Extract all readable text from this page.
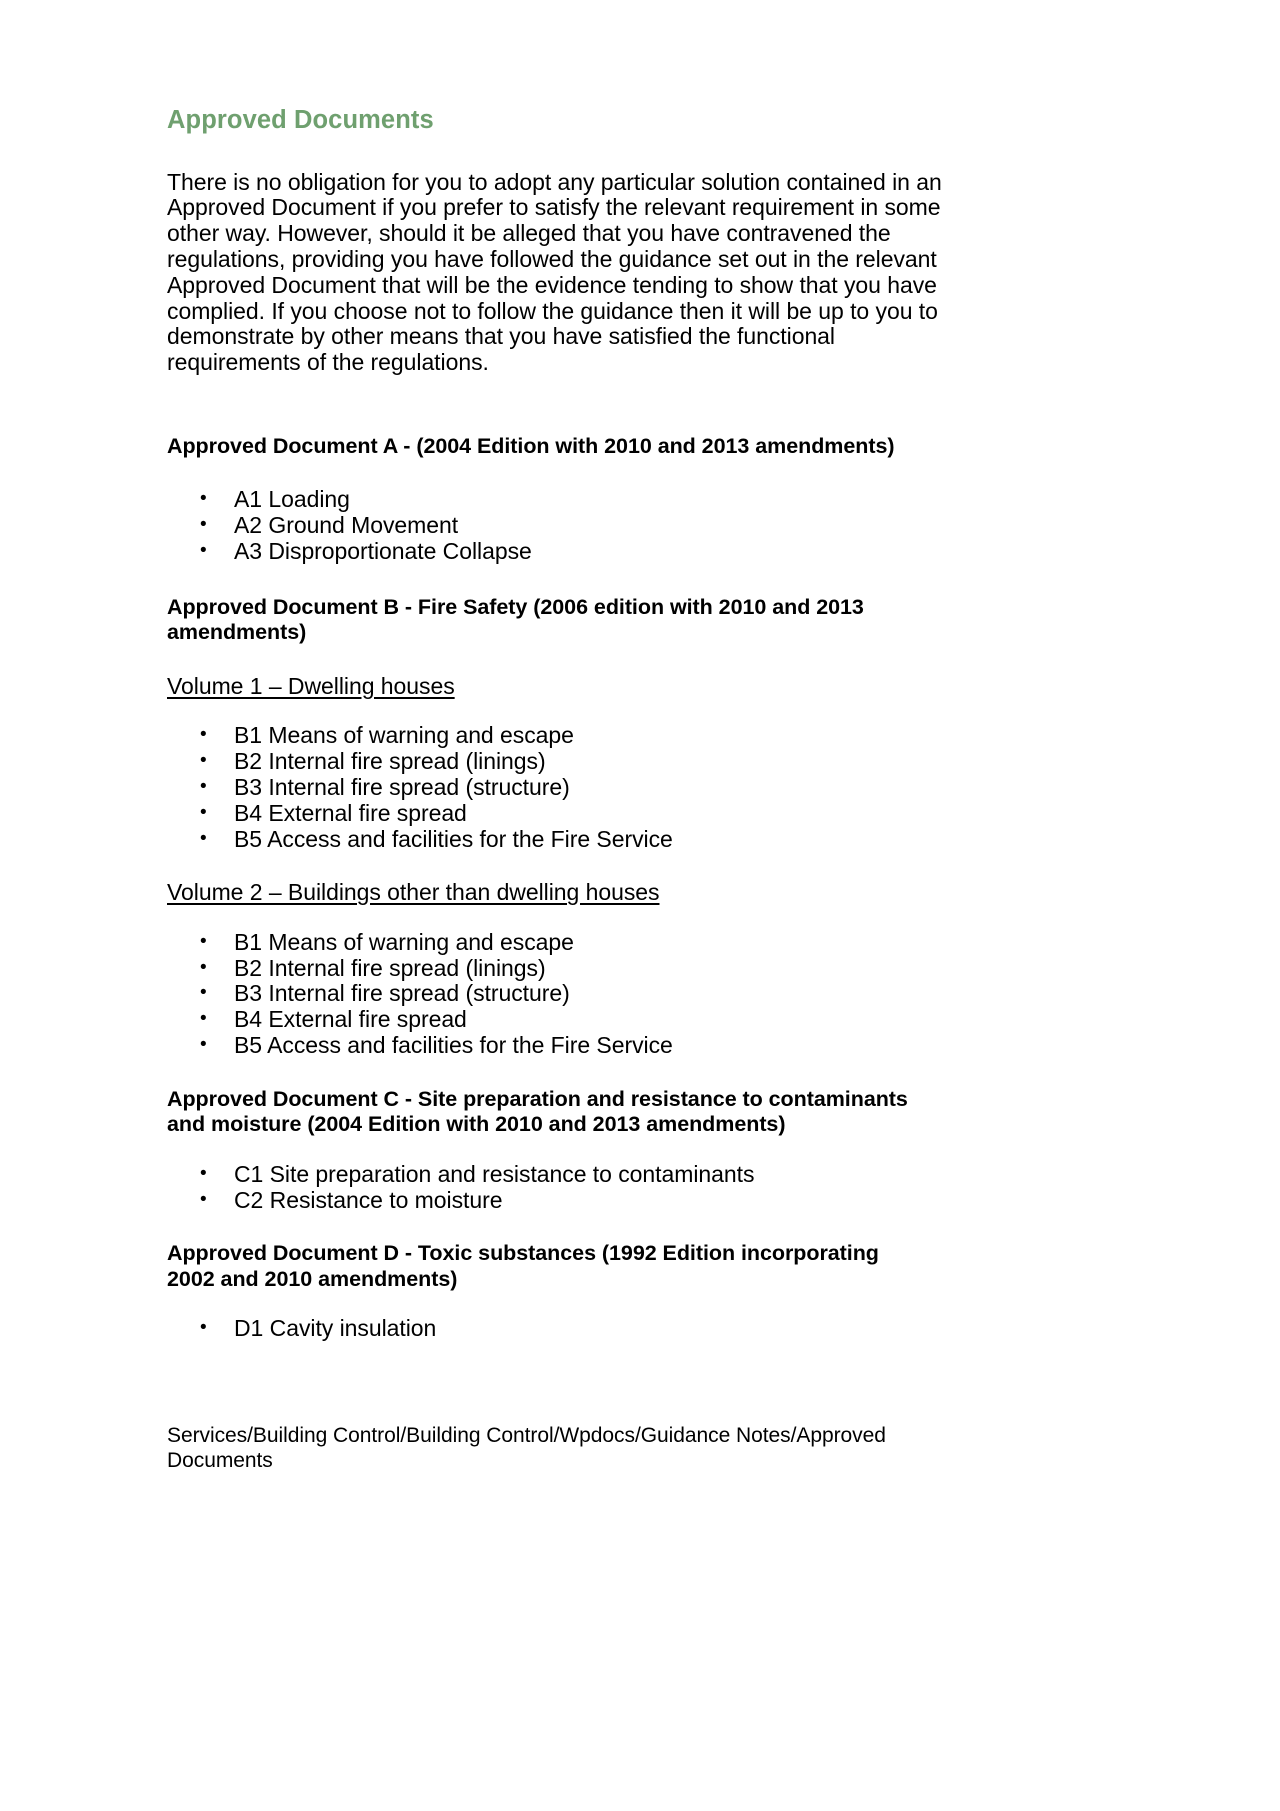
Approved Documents

There is no obligation for you to adopt any particular solution contained in an
Approved Document if you prefer to satisfy the relevant requirement in some
other way. However, should it be alleged that you have contravened the
regulations, providing you have followed the guidance set out in the relevant
Approved Document that will be the evidence tending to show that you have
complied. If you choose not to follow the guidance then it will be up to you to
demonstrate by other means that you have satisfied the functional
requirements of the regulations.

Approved Document A - (2004 Edition with 2010 and 2013 amendments)
• A1 Loading
• A2 Ground Movement
• A3 Disproportionate Collapse
Approved Document B - Fire Safety (2006 edition with 2010 and 2013
amendments)
Volume 1 – Dwelling houses
• B1 Means of warning and escape
• B2 Internal fire spread (linings)
• B3 Internal fire spread (structure)
• B4 External fire spread
• B5 Access and facilities for the Fire Service
Volume 2 – Buildings other than dwelling houses
• B1 Means of warning and escape
• B2 Internal fire spread (linings)
• B3 Internal fire spread (structure)
• B4 External fire spread
• B5 Access and facilities for the Fire Service
Approved Document C - Site preparation and resistance to contaminants
and moisture (2004 Edition with 2010 and 2013 amendments)
• C1 Site preparation and resistance to contaminants
• C2 Resistance to moisture
Approved Document D - Toxic substances (1992 Edition incorporating
2002 and 2010 amendments)
• D1 Cavity insulation
Services/Building Control/Building Control/Wpdocs/Guidance Notes/Approved
Documents
